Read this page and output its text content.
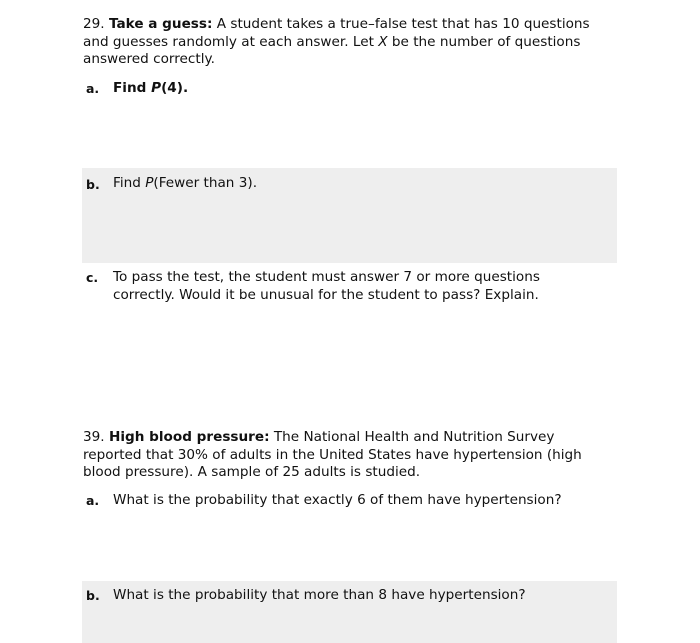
29. Take a guess: A student takes a true–false test that has 10 questions and guesses randomly at each answer. Let X be the number of questions answered correctly.
a. Find P(4).
b. Find P(Fewer than 3).
c. To pass the test, the student must answer 7 or more questions correctly. Would it be unusual for the student to pass? Explain.
39. High blood pressure: The National Health and Nutrition Survey reported that 30% of adults in the United States have hypertension (high blood pressure). A sample of 25 adults is studied.
a. What is the probability that exactly 6 of them have hypertension?
b. What is the probability that more than 8 have hypertension?
